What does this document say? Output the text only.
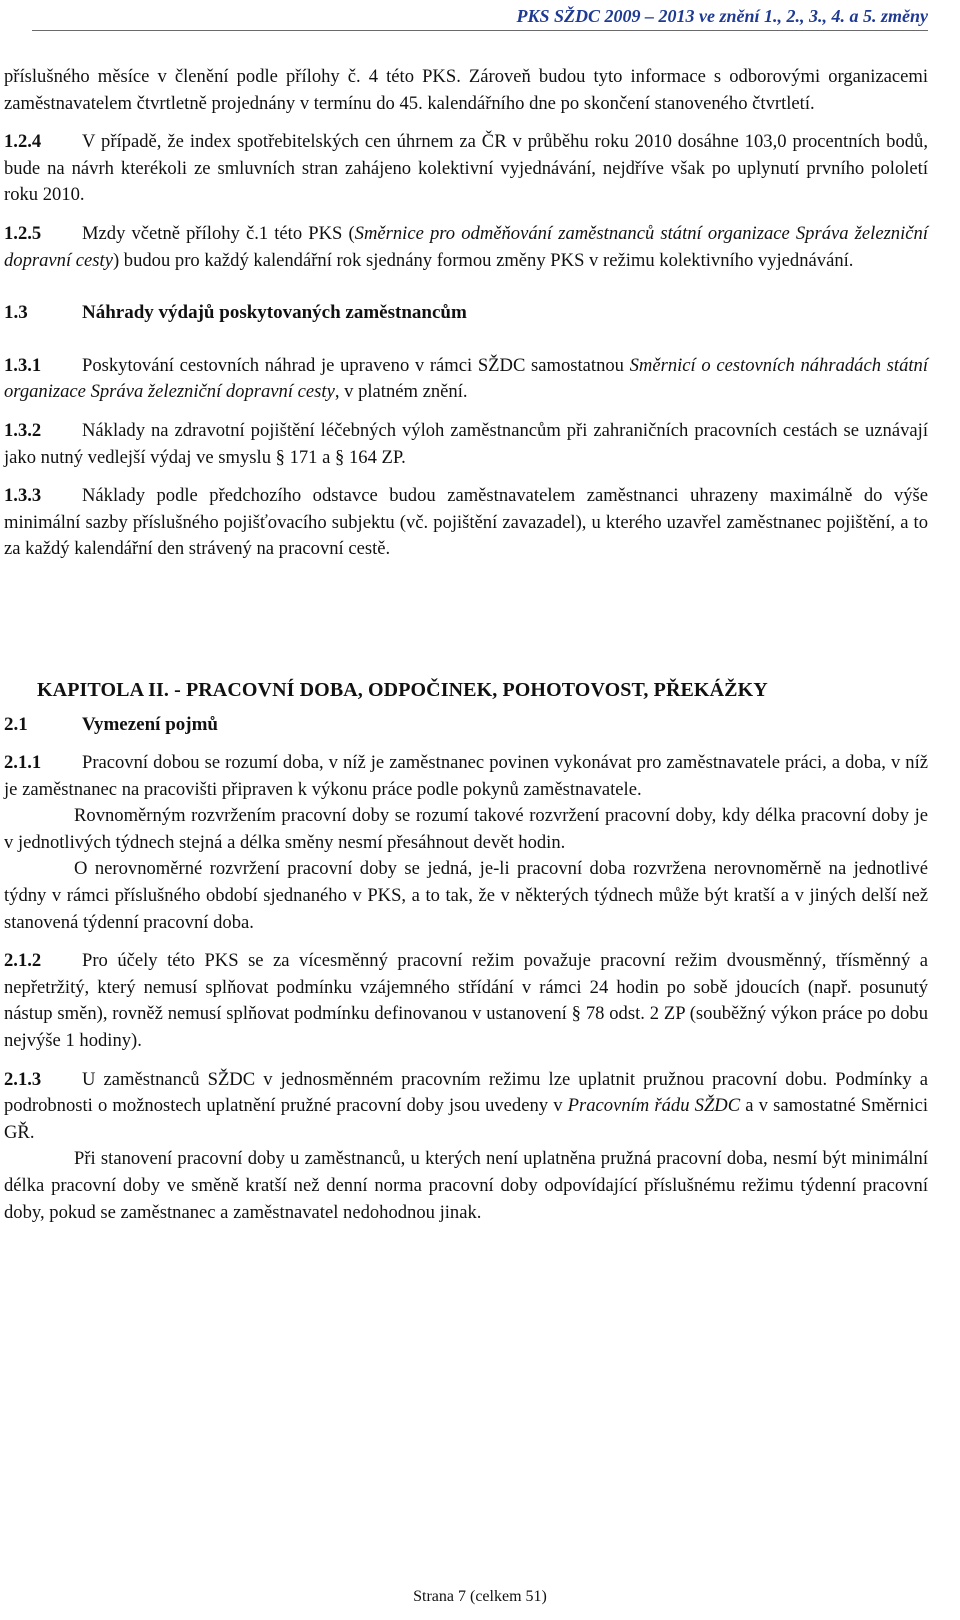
PKS SŽDC 2009 – 2013 ve znění 1., 2., 3., 4. a 5. změny

příslušného měsíce v členění podle přílohy č. 4 této PKS. Zároveň budou tyto informace s odborovými organizacemi zaměstnavatelem čtvrtletně projednány v termínu do 45. kalendářního dne po skončení stanoveného čtvrtletí.

1.2.4 V případě, že index spotřebitelských cen úhrnem za ČR v průběhu roku 2010 dosáhne 103,0 procentních bodů, bude na návrh kterékoli ze smluvních stran zahájeno kolektivní vyjednávání, nejdříve však po uplynutí prvního pololetí roku 2010.

1.2.5 Mzdy včetně přílohy č.1 této PKS (Směrnice pro odměňování zaměstnanců státní organizace Správa železniční dopravní cesty) budou pro každý kalendářní rok sjednány formou změny PKS v režimu kolektivního vyjednávání.

1.3	Náhrady výdajů poskytovaných zaměstnancům

1.3.1 Poskytování cestovních náhrad je upraveno v rámci SŽDC samostatnou Směrnicí o cestovních náhradách státní organizace Správa železniční dopravní cesty, v platném znění.

1.3.2 Náklady na zdravotní pojištění léčebných výloh zaměstnancům při zahraničních pracovních cestách se uznávají jako nutný vedlejší výdaj ve smyslu § 171 a § 164 ZP.

1.3.3 Náklady podle předchozího odstavce budou zaměstnavatelem zaměstnanci uhrazeny maximálně do výše minimální sazby příslušného pojišťovacího subjektu (vč. pojištění zavazadel), u kterého uzavřel zaměstnanec pojištění, a to za každý kalendářní den strávený na pracovní cestě.

KAPITOLA II. - PRACOVNÍ DOBA, ODPOČINEK, POHOTOVOST, PŘEKÁŽKY

2.1	Vymezení pojmů

2.1.1 Pracovní dobou se rozumí doba, v níž je zaměstnanec povinen vykonávat pro zaměstnavatele práci, a doba, v níž je zaměstnanec na pracovišti připraven k výkonu práce podle pokynů zaměstnavatele.

Rovnoměrným rozvržením pracovní doby se rozumí takové rozvržení pracovní doby, kdy délka pracovní doby je v jednotlivých týdnech stejná a délka směny nesmí přesáhnout devět hodin.

O nerovnoměrné rozvržení pracovní doby se jedná, je-li pracovní doba rozvržena nerovnoměrně na jednotlivé týdny v rámci příslušného období sjednaného v PKS, a to tak, že v některých týdnech může být kratší a v jiných delší než stanovená týdenní pracovní doba.

2.1.2 Pro účely této PKS se za vícesměnný pracovní režim považuje pracovní režim dvousměnný, třísměnný a nepřetržitý, který nemusí splňovat podmínku vzájemného střídání v rámci 24 hodin po sobě jdoucích (např. posunutý nástup směn), rovněž nemusí splňovat podmínku definovanou v ustanovení § 78 odst. 2 ZP (souběžný výkon práce po dobu nejvýše 1 hodiny).

2.1.3 U zaměstnanců SŽDC v jednosměnném pracovním režimu lze uplatnit pružnou pracovní dobu. Podmínky a podrobnosti o možnostech uplatnění pružné pracovní doby jsou uvedeny v Pracovním řádu SŽDC a v samostatné Směrnici GŘ.

Při stanovení pracovní doby u zaměstnanců, u kterých není uplatněna pružná pracovní doba, nesmí být minimální délka pracovní doby ve směně kratší než denní norma pracovní doby odpovídající příslušnému režimu týdenní pracovní doby, pokud se zaměstnanec a zaměstnavatel nedohodnou jinak.

Strana 7 (celkem 51)
